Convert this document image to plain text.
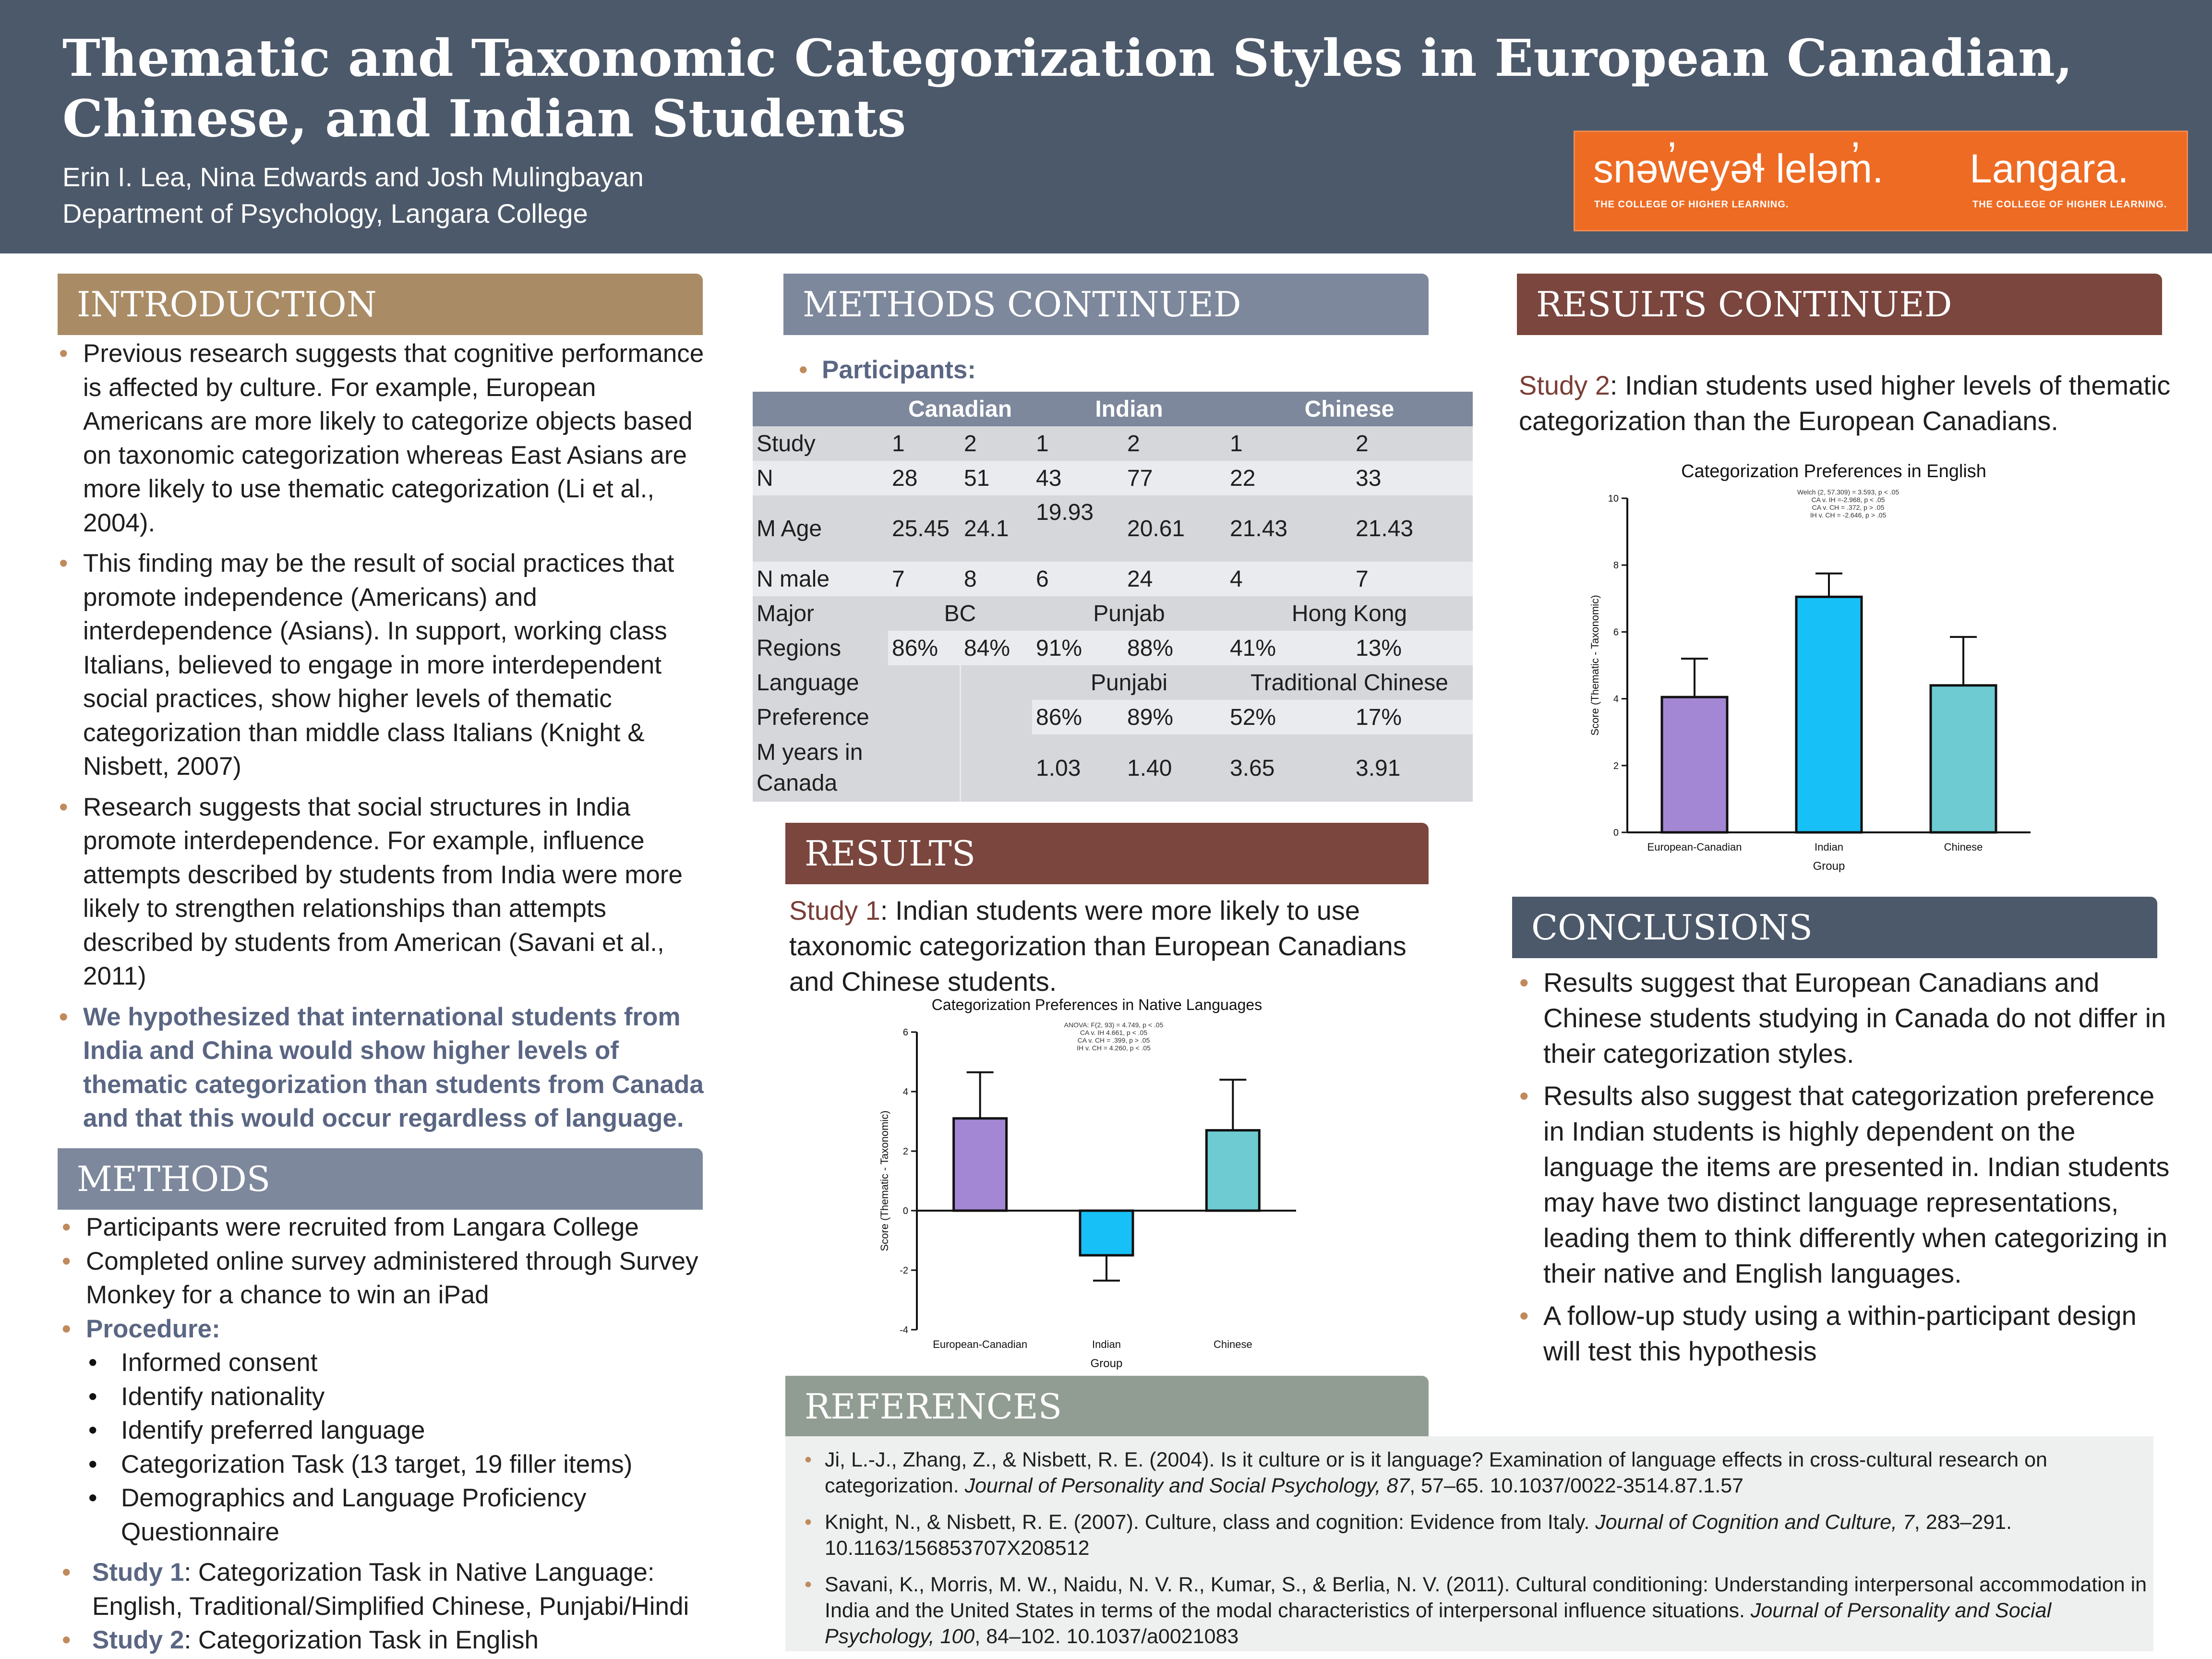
Thematic and Taxonomic Categorization Styles in European Canadian, Chinese, and Indian Students
Erin I. Lea, Nina Edwards and Josh Mulingbayan
Department of Psychology, Langara College
snəw̓eyəɬ leləm̓. Langara.
THE COLLEGE OF HIGHER LEARNING.	THE COLLEGE OF HIGHER LEARNING.
INTRODUCTION
• Previous research suggests that cognitive performance is affected by culture. For example, European Americans are more likely to categorize objects based on taxonomic categorization whereas East Asians are more likely to use thematic categorization (Li et al., 2004).
• This finding may be the result of social practices that promote independence (Americans) and interdependence (Asians). In support, working class Italians, believed to engage in more interdependent social practices, show higher levels of thematic categorization than middle class Italians (Knight & Nisbett, 2007)
• Research suggests that social structures in India promote interdependence. For example, influence attempts described by students from India were more likely to strengthen relationships than attempts described by students from American (Savani et al., 2011)
• We hypothesized that international students from India and China would show higher levels of thematic categorization than students from Canada and that this would occur regardless of language.
METHODS
• Participants were recruited from Langara College
• Completed online survey administered through Survey Monkey for a chance to win an iPad
• Procedure:
• Informed consent
• Identify nationality
• Identify preferred language
• Categorization Task (13 target, 19 filler items)
• Demographics and Language Proficiency Questionnaire
• Study 1: Categorization Task in Native Language: English, Traditional/Simplified Chinese, Punjabi/Hindi
• Study 2: Categorization Task in English
METHODS CONTINUED
• Participants:
	Canadian		Indian		Chinese	
Study	1	2	1	2	1	2
N	28	51	43	77	22	33
M Age	25.45	24.1	19.93	20.61	21.43	21.43
N male	7	8	6	24	4	7
Major	BC		Punjab		Hong Kong	
Regions	86%	84%	91%	88%	41%	13%
Language			Punjabi		Traditional Chinese	
Preference			86%	89%	52%	17%
M years in
Canada			1.03	1.40	3.65	3.91
RESULTS
Study 1: Indian students were more likely to use taxonomic categorization than European Canadians and Chinese students.
Categorization Preferences in Native Languages
ANOVA: F(2, 93) = 4.749, p < .05
CA v. IH 4.661, p < .05
CA v. CH = .399, p > .05
IH v. CH = 4.260, p < .05
-4
-2
0
2
4
6
European-Canadian	Indian	Chinese
Group
Score (Thematic - Taxonomic)
REFERENCES
• Ji, L.-J., Zhang, Z., & Nisbett, R. E. (2004). Is it culture or is it language? Examination of language effects in cross-cultural research on categorization. Journal of Personality and Social Psychology, 87, 57–65. 10.1037/0022-3514.87.1.57
• Knight, N., & Nisbett, R. E. (2007). Culture, class and cognition: Evidence from Italy. Journal of Cognition and Culture, 7, 283–291. 10.1163/156853707X208512
• Savani, K., Morris, M. W., Naidu, N. V. R., Kumar, S., & Berlia, N. V. (2011). Cultural conditioning: Understanding interpersonal accommodation in India and the United States in terms of the modal characteristics of interpersonal influence situations. Journal of Personality and Social Psychology, 100, 84–102. 10.1037/a0021083
RESULTS CONTINUED
Study 2: Indian students used higher levels of thematic categorization than the European Canadians.
Categorization Preferences in English
Welch (2, 57.309) = 3.593, p < .05
CA v. IH =-2.968, p < .05
CA v. CH = .372, p > .05
IH v. CH = -2.646, p > .05
0
2
4
6
8
10
European-Canadian	Indian	Chinese
Group
Score (Thematic - Taxonomic)
CONCLUSIONS
• Results suggest that European Canadians and Chinese students studying in Canada do not differ in their categorization styles.
• Results also suggest that categorization preference in Indian students is highly dependent on the language the items are presented in. Indian students may have two distinct language representations, leading them to think differently when categorizing in their native and English languages.
• A follow-up study using a within-participant design will test this hypothesis
